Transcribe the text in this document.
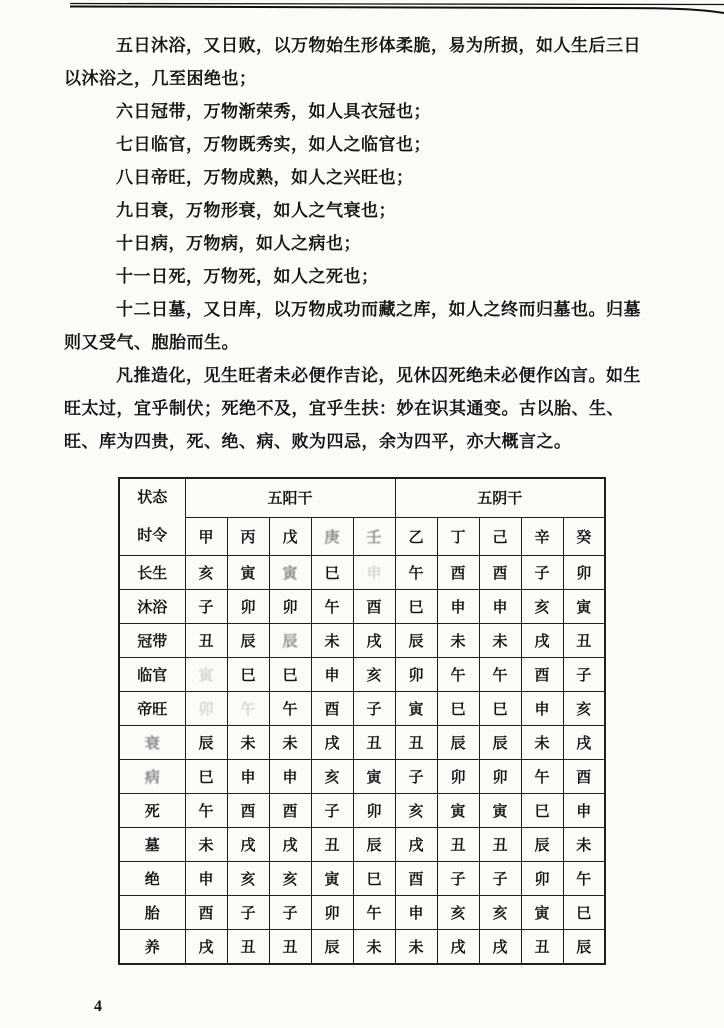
五日沐浴，又日败，以万物始生形体柔脆，易为所损，如人生后三日
以沐浴之，几至困绝也；
六日冠带，万物渐荣秀，如人具衣冠也；
七日临官，万物既秀实，如人之临官也；
八日帝旺，万物成熟，如人之兴旺也；
九日衰，万物形衰，如人之气衰也；
十日病，万物病，如人之病也；
十一日死，万物死，如人之死也；
十二日墓，又日库，以万物成功而藏之库，如人之终而归墓也。归墓
则又受气、胞胎而生。
凡推造化，见生旺者未必便作吉论，见休囚死绝未必便作凶言。如生
旺太过，宜乎制伏；死绝不及，宜乎生扶：妙在识其通变。古以胎、生、
旺、库为四贵，死、绝、病、败为四忌，余为四平，亦大概言之。
状态
时令	五阳干					五阴干				
	甲	丙	戊	庚	壬	乙	丁	己	辛	癸
长生	亥	寅	寅	巳	申	午	酉	酉	子	卯
沐浴	子	卯	卯	午	酉	巳	申	申	亥	寅
冠带	丑	辰	辰	未	戌	辰	未	未	戌	丑
临官	寅	巳	巳	申	亥	卯	午	午	酉	子
帝旺	卯	午	午	酉	子	寅	巳	巳	申	亥
衰	辰	未	未	戌	丑	丑	辰	辰	未	戌
病	巳	申	申	亥	寅	子	卯	卯	午	酉
死	午	酉	酉	子	卯	亥	寅	寅	巳	申
墓	未	戌	戌	丑	辰	戌	丑	丑	辰	未
绝	申	亥	亥	寅	巳	酉	子	子	卯	午
胎	酉	子	子	卯	午	申	亥	亥	寅	巳
养	戌	丑	丑	辰	未	未	戌	戌	丑	辰
4
